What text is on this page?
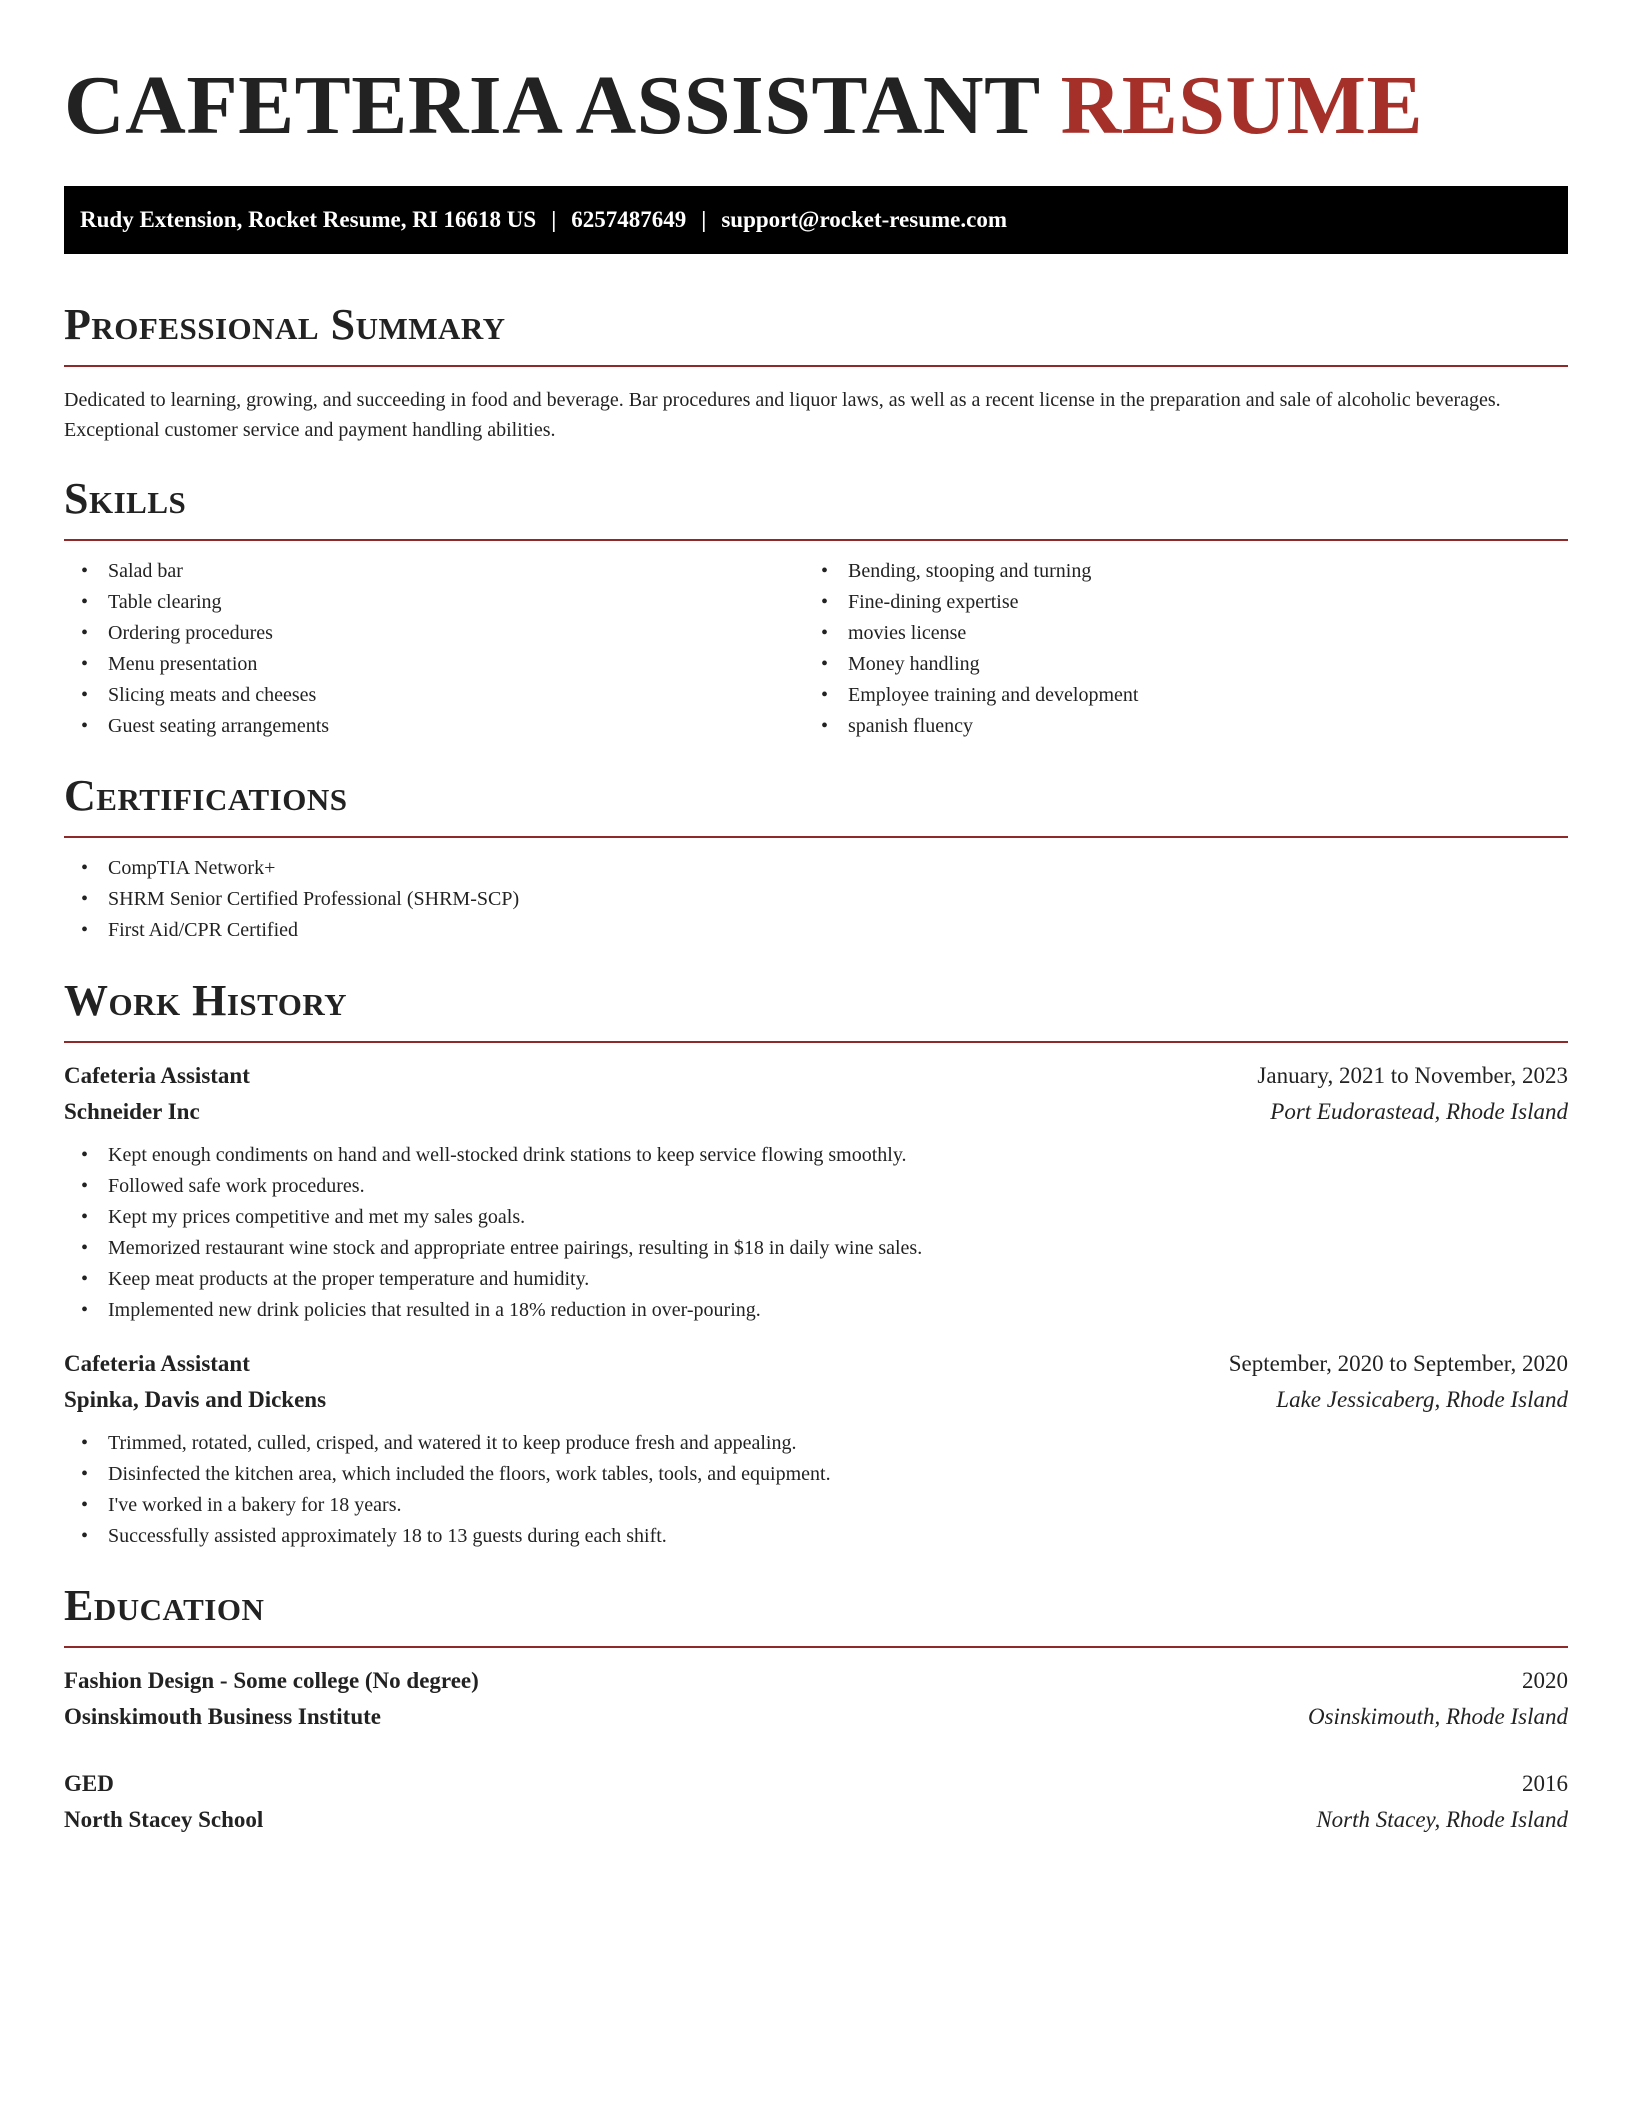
CAFETERIA ASSISTANT RESUME
Rudy Extension, Rocket Resume, RI 16618 US | 6257487649 | support@rocket-resume.com
Professional Summary

Dedicated to learning, growing, and succeeding in food and beverage. Bar procedures and liquor laws, as well as a recent license in the preparation and sale of alcoholic beverages. Exceptional customer service and payment handling abilities.

Skills
• Salad bar
• Table clearing
• Ordering procedures
• Menu presentation
• Slicing meats and cheeses
• Guest seating arrangements
• Bending, stooping and turning
• Fine-dining expertise
• movies license
• Money handling
• Employee training and development
• spanish fluency
Certifications
• CompTIA Network+
• SHRM Senior Certified Professional (SHRM-SCP)
• First Aid/CPR Certified
Work History
Cafeteria Assistant	January, 2021 to November, 2023
Schneider Inc	Port Eudorastead, Rhode Island
• Kept enough condiments on hand and well-stocked drink stations to keep service flowing smoothly.
• Followed safe work procedures.
• Kept my prices competitive and met my sales goals.
• Memorized restaurant wine stock and appropriate entree pairings, resulting in $18 in daily wine sales.
• Keep meat products at the proper temperature and humidity.
• Implemented new drink policies that resulted in a 18% reduction in over-pouring.
Cafeteria Assistant	September, 2020 to September, 2020
Spinka, Davis and Dickens	Lake Jessicaberg, Rhode Island
• Trimmed, rotated, culled, crisped, and watered it to keep produce fresh and appealing.
• Disinfected the kitchen area, which included the floors, work tables, tools, and equipment.
• I've worked in a bakery for 18 years.
• Successfully assisted approximately 18 to 13 guests during each shift.
Education
Fashion Design - Some college (No degree)	2020
Osinskimouth Business Institute	Osinskimouth, Rhode Island
GED	2016
North Stacey School	North Stacey, Rhode Island
